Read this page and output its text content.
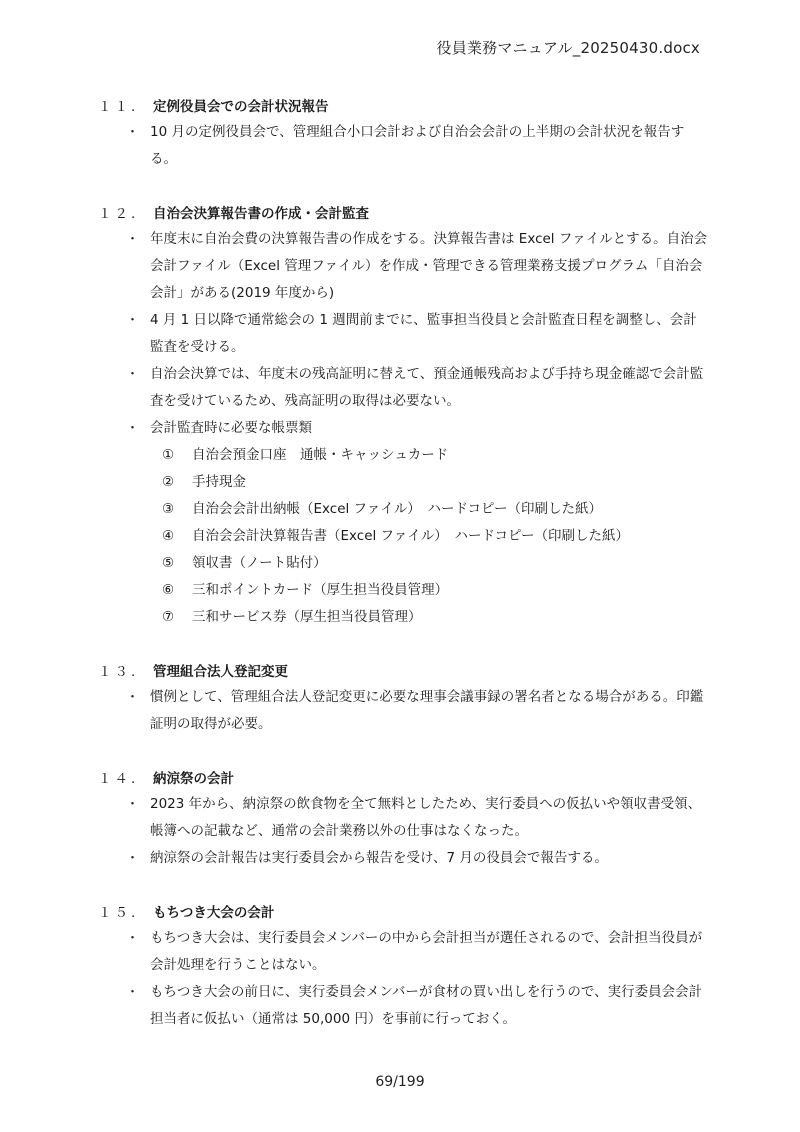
役員業務マニュアル_20250430.docx
１１. 定例役員会での会計状況報告
・ 10 月の定例役員会で、管理組合小口会計および自治会会計の上半期の会計状況を報告する。
１２. 自治会決算報告書の作成・会計監査
・ 年度末に自治会費の決算報告書の作成をする。決算報告書は Excel ファイルとする。自治会会計ファイル（Excel 管理ファイル）を作成・管理できる管理業務支援プログラム「自治会会計」がある(2019 年度から)
・ 4 月 1 日以降で通常総会の 1 週間前までに、監事担当役員と会計監査日程を調整し、会計監査を受ける。
・ 自治会決算では、年度末の残高証明に替えて、預金通帳残高および手持ち現金確認で会計監査を受けているため、残高証明の取得は必要ない。
・ 会計監査時に必要な帳票類
① 自治会預金口座　通帳・キャッシュカード
② 手持現金
③ 自治会会計出納帳（Excel ファイル）　ハードコピー（印刷した紙）
④ 自治会会計決算報告書（Excel ファイル）　ハードコピー（印刷した紙）
⑤ 領収書（ノート貼付）
⑥ 三和ポイントカード（厚生担当役員管理）
⑦ 三和サービス券（厚生担当役員管理）
１３. 管理組合法人登記変更
・ 慣例として、管理組合法人登記変更に必要な理事会議事録の署名者となる場合がある。印鑑証明の取得が必要。
１４. 納涼祭の会計
・ 2023 年から、納涼祭の飲食物を全て無料としたため、実行委員への仮払いや領収書受領、帳簿への記載など、通常の会計業務以外の仕事はなくなった。
・ 納涼祭の会計報告は実行委員会から報告を受け、7 月の役員会で報告する。
１５. もちつき大会の会計
・ もちつき大会は、実行委員会メンバーの中から会計担当が選任されるので、会計担当役員が会計処理を行うことはない。
・ もちつき大会の前日に、実行委員会メンバーが食材の買い出しを行うので、実行委員会会計担当者に仮払い（通常は 50,000 円）を事前に行っておく。
69/199
